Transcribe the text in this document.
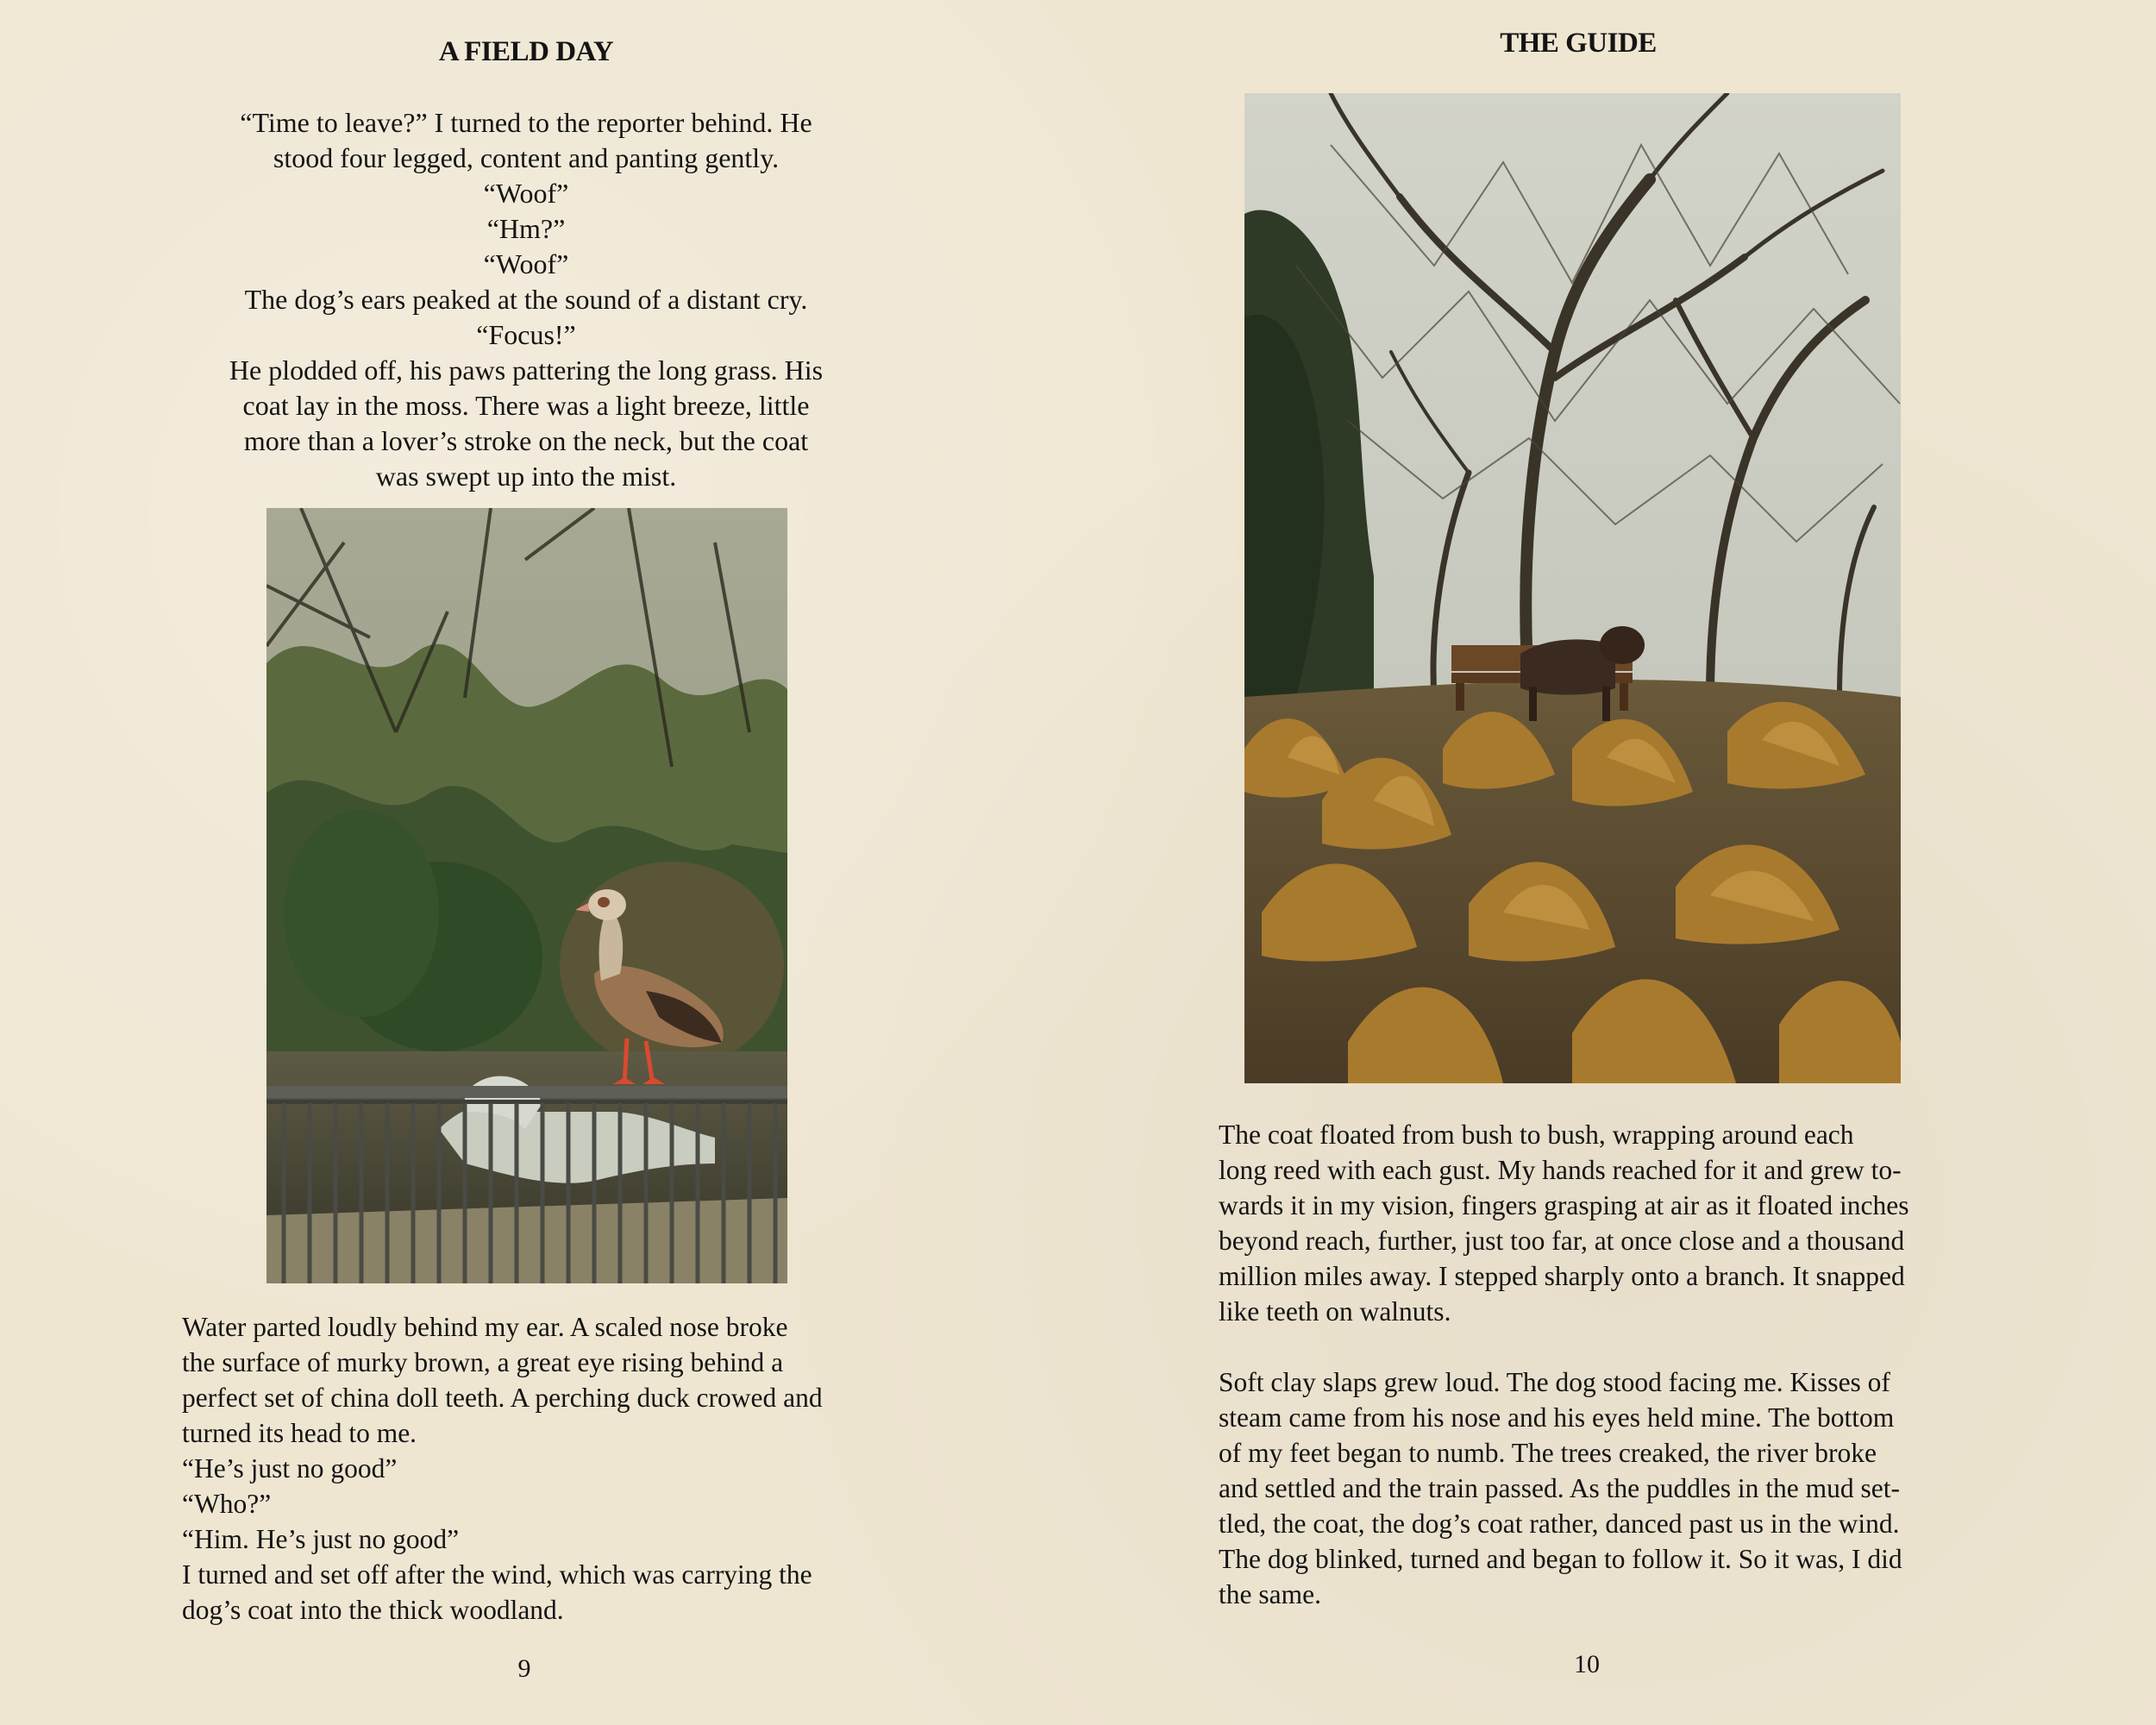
A FIELD DAY
“Time to leave?” I turned to the reporter behind. He
stood four legged, content and panting gently.
“Woof”
“Hm?”
“Woof”
The dog’s ears peaked at the sound of a distant cry.
“Focus!”
He plodded off, his paws pattering the long grass. His
coat lay in the moss. There was a light breeze, little
more than a lover’s stroke on the neck, but the coat
was swept up into the mist.
Water parted loudly behind my ear. A scaled nose broke
the surface of murky brown, a great eye rising behind a
perfect set of china doll teeth. A perching duck crowed and
turned its head to me.
“He’s just no good”
“Who?”
“Him. He’s just no good”
I turned and set off after the wind, which was carrying the
dog’s coat into the thick woodland.
9
THE GUIDE
The coat floated from bush to bush, wrapping around each
long reed with each gust. My hands reached for it and grew to-
wards it in my vision, fingers grasping at air as it floated inches
beyond reach, further, just too far, at once close and a thousand
million miles away. I stepped sharply onto a branch. It snapped
like teeth on walnuts.
Soft clay slaps grew loud. The dog stood facing me. Kisses of
steam came from his nose and his eyes held mine. The bottom
of my feet began to numb. The trees creaked, the river broke
and settled and the train passed. As the puddles in the mud set-
tled, the coat, the dog’s coat rather, danced past us in the wind.
The dog blinked, turned and began to follow it. So it was, I did
the same.
10
